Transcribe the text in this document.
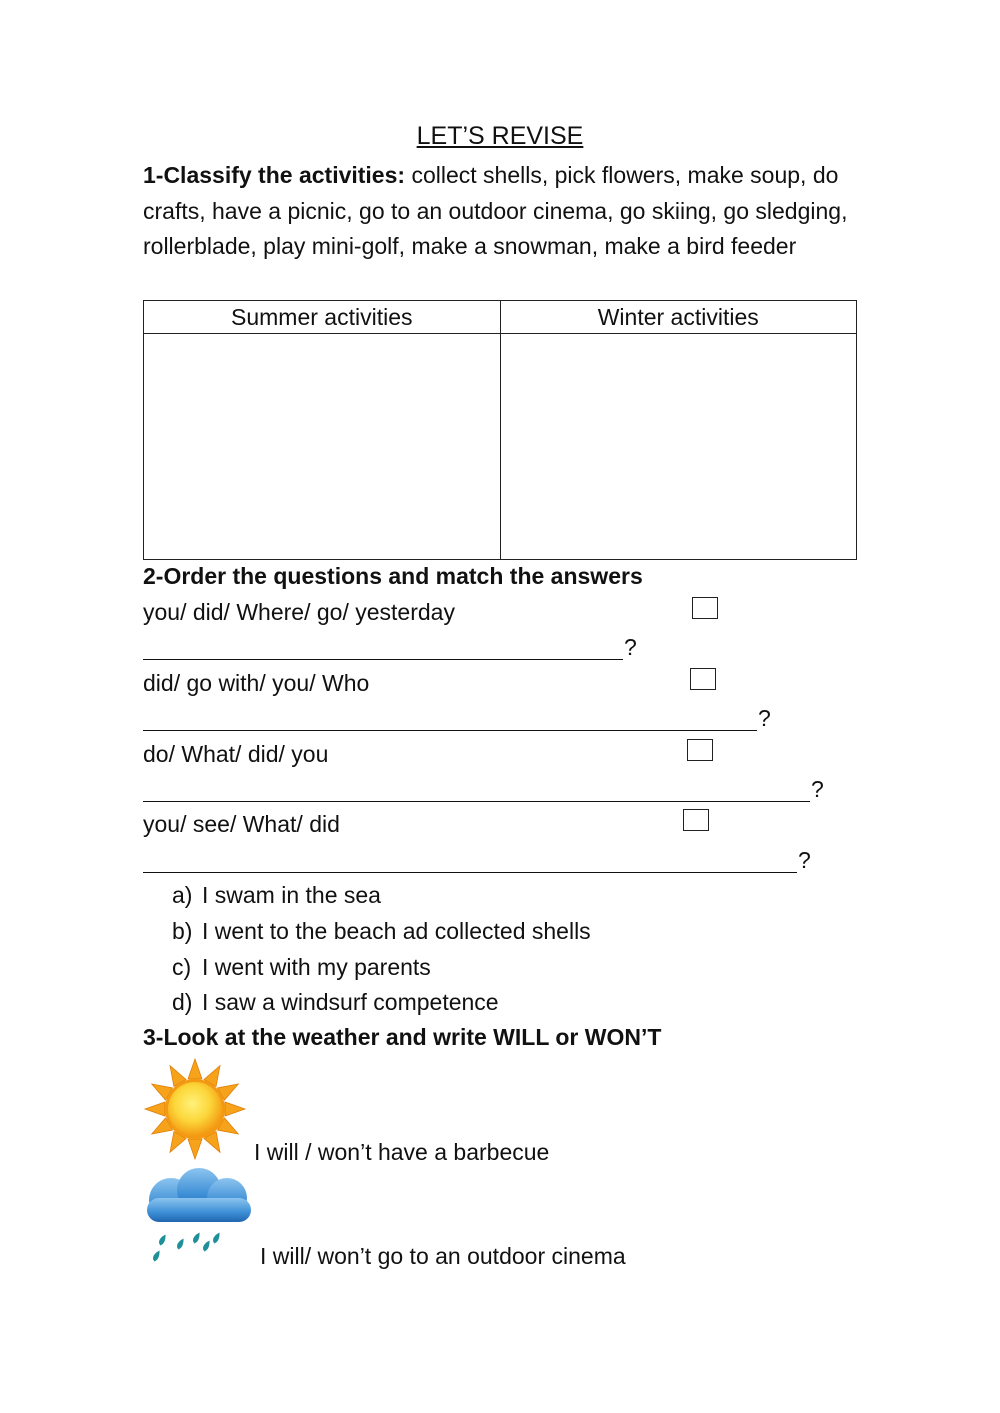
LET’S REVISE
1-Classify the activities: collect shells, pick flowers, make soup, do crafts, have a picnic, go to an outdoor cinema, go skiing, go sledging, rollerblade, play mini-golf, make a snowman, make a bird feeder
Summer activities	Winter activities

2-Order the questions and match the answers
you/ did/ Where/ go/ yesterday
?
did/ go with/ you/ Who
?
do/ What/ did/ you
?
you/ see/ What/ did
?
a) I swam in the sea
b) I went to the beach ad collected shells
c) I went with my parents
d) I saw a windsurf competence
3-Look at the weather and write WILL or WON’T
I will / won’t have a barbecue
I will/ won’t go to an outdoor cinema
